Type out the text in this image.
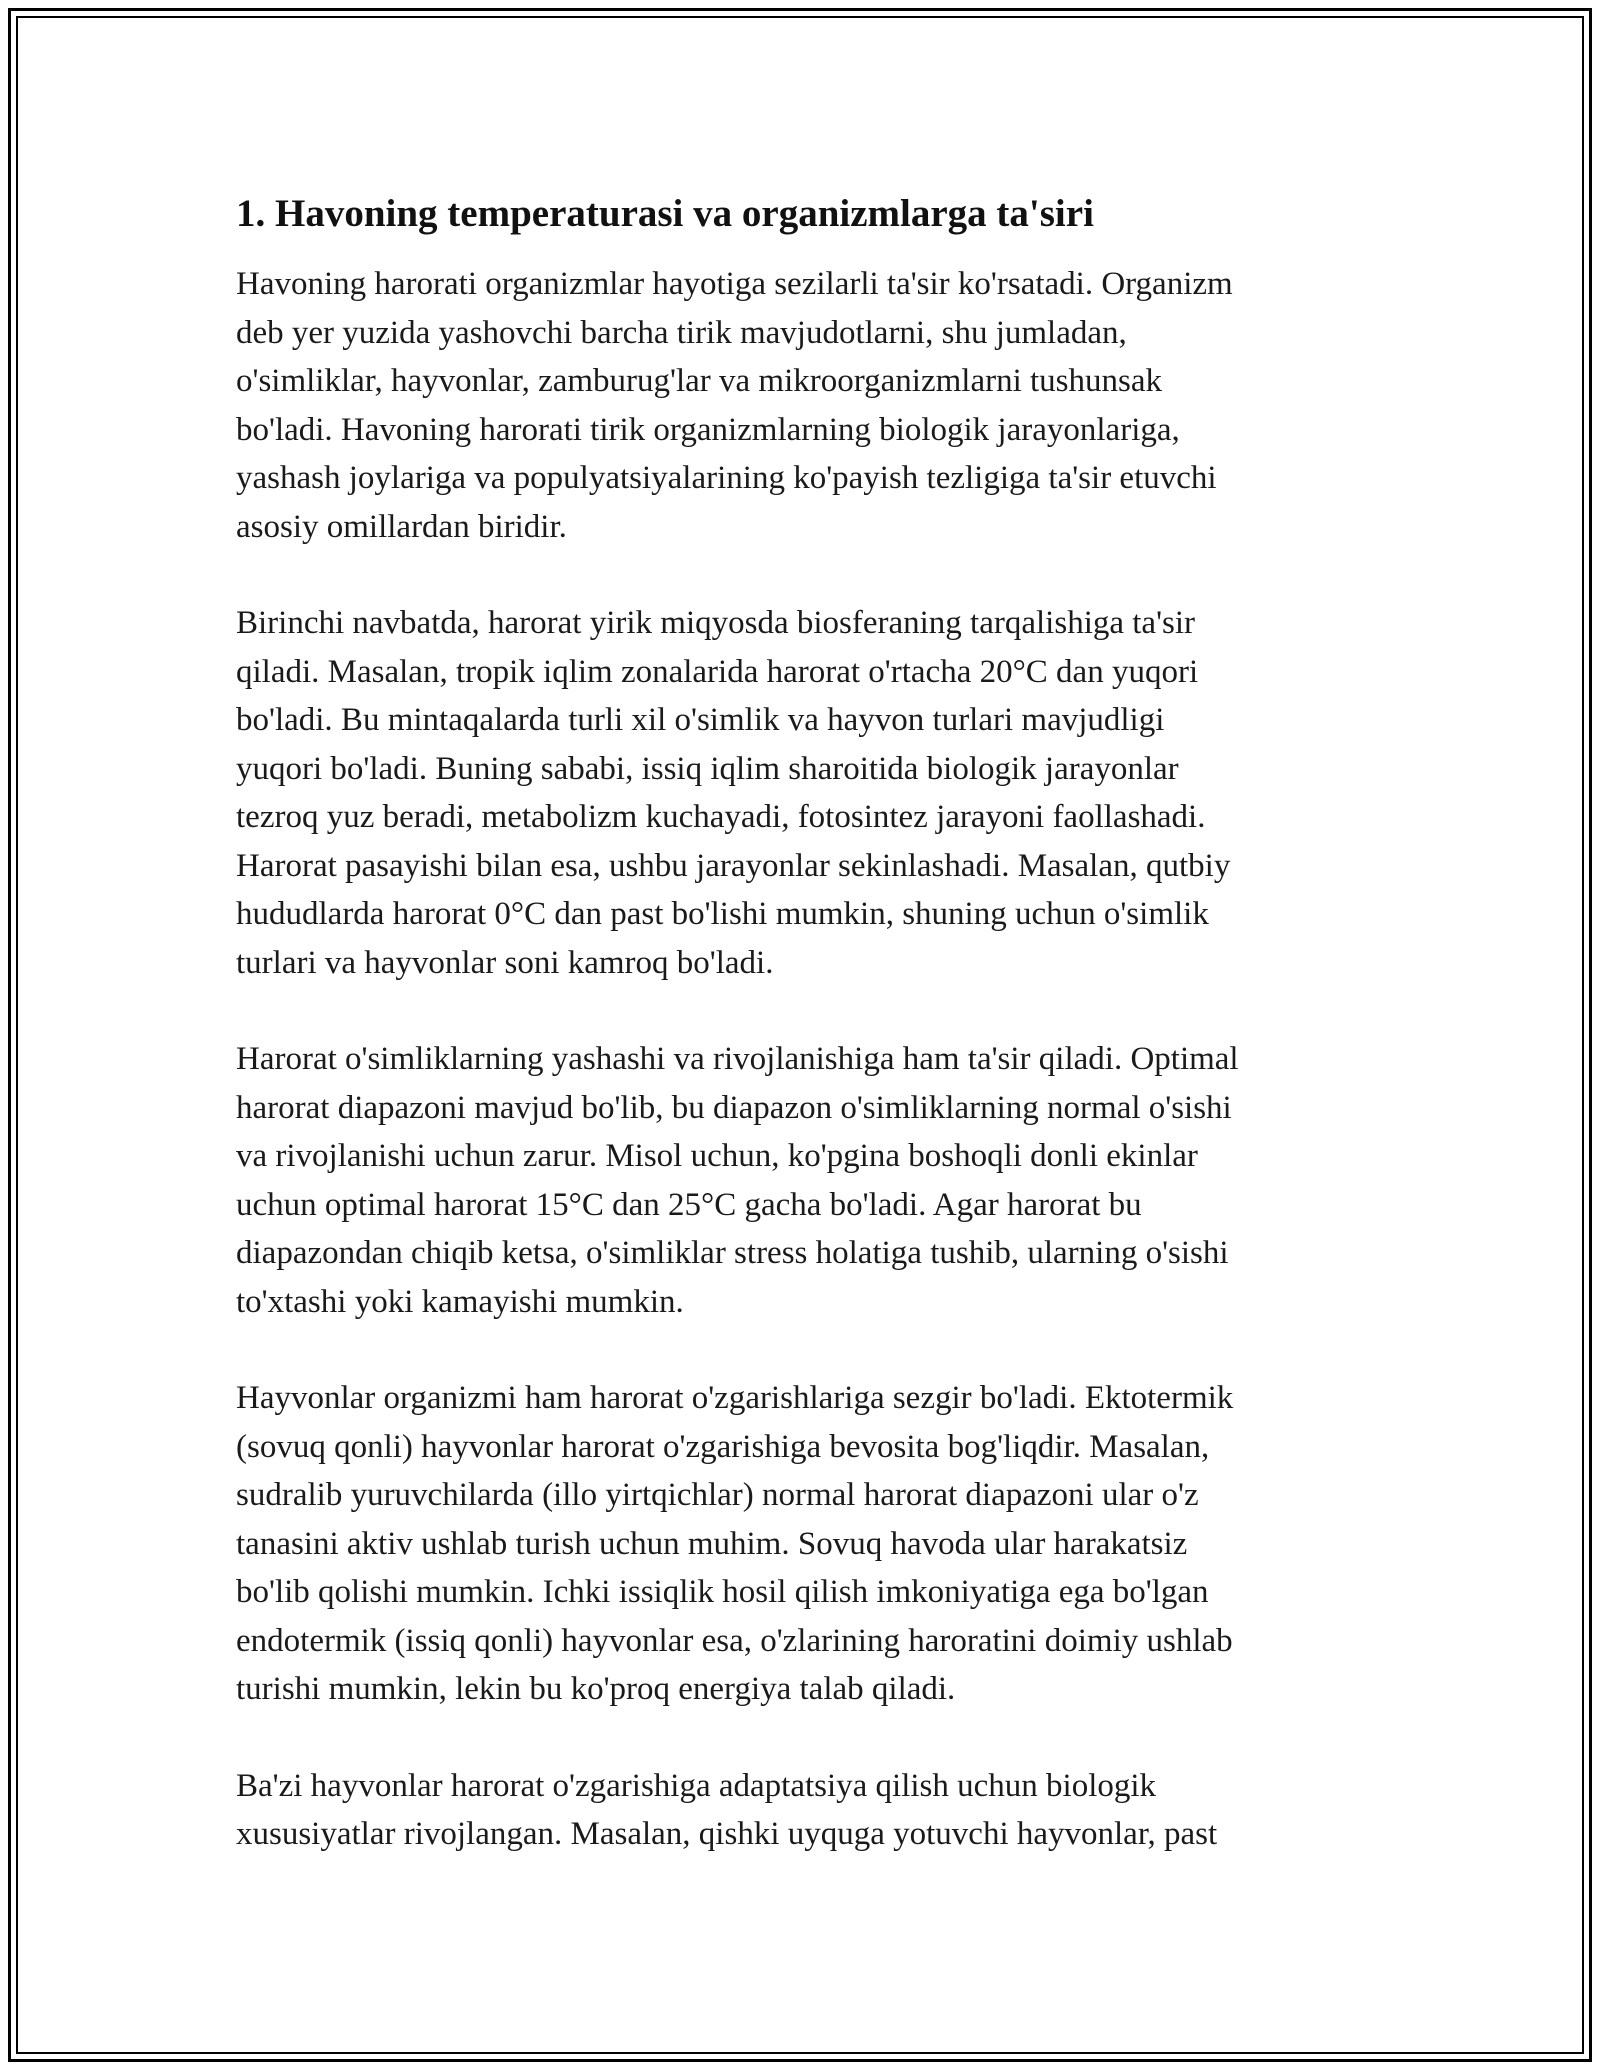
1. Havoning temperaturasi va organizmlarga ta'siri
Havoning harorati organizmlar hayotiga sezilarli ta'sir ko'rsatadi. Organizm
deb yer yuzida yashovchi barcha tirik mavjudotlarni, shu jumladan,
o'simliklar, hayvonlar, zamburug'lar va mikroorganizmlarni tushunsak
bo'ladi. Havoning harorati tirik organizmlarning biologik jarayonlariga,
yashash joylariga va populyatsiyalarining ko'payish tezligiga ta'sir etuvchi
asosiy omillardan biridir.
Birinchi navbatda, harorat yirik miqyosda biosferaning tarqalishiga ta'sir
qiladi. Masalan, tropik iqlim zonalarida harorat o'rtacha 20°C dan yuqori
bo'ladi. Bu mintaqalarda turli xil o'simlik va hayvon turlari mavjudligi
yuqori bo'ladi. Buning sababi, issiq iqlim sharoitida biologik jarayonlar
tezroq yuz beradi, metabolizm kuchayadi, fotosintez jarayoni faollashadi.
Harorat pasayishi bilan esa, ushbu jarayonlar sekinlashadi. Masalan, qutbiy
hududlarda harorat 0°C dan past bo'lishi mumkin, shuning uchun o'simlik
turlari va hayvonlar soni kamroq bo'ladi.
Harorat o'simliklarning yashashi va rivojlanishiga ham ta'sir qiladi. Optimal
harorat diapazoni mavjud bo'lib, bu diapazon o'simliklarning normal o'sishi
va rivojlanishi uchun zarur. Misol uchun, ko'pgina boshoqli donli ekinlar
uchun optimal harorat 15°C dan 25°C gacha bo'ladi. Agar harorat bu
diapazondan chiqib ketsa, o'simliklar stress holatiga tushib, ularning o'sishi
to'xtashi yoki kamayishi mumkin.
Hayvonlar organizmi ham harorat o'zgarishlariga sezgir bo'ladi. Ektotermik
(sovuq qonli) hayvonlar harorat o'zgarishiga bevosita bog'liqdir. Masalan,
sudralib yuruvchilarda (illo yirtqichlar) normal harorat diapazoni ular o'z
tanasini aktiv ushlab turish uchun muhim. Sovuq havoda ular harakatsiz
bo'lib qolishi mumkin. Ichki issiqlik hosil qilish imkoniyatiga ega bo'lgan
endotermik (issiq qonli) hayvonlar esa, o'zlarining haroratini doimiy ushlab
turishi mumkin, lekin bu ko'proq energiya talab qiladi.
Ba'zi hayvonlar harorat o'zgarishiga adaptatsiya qilish uchun biologik
xususiyatlar rivojlangan. Masalan, qishki uyquga yotuvchi hayvonlar, past
